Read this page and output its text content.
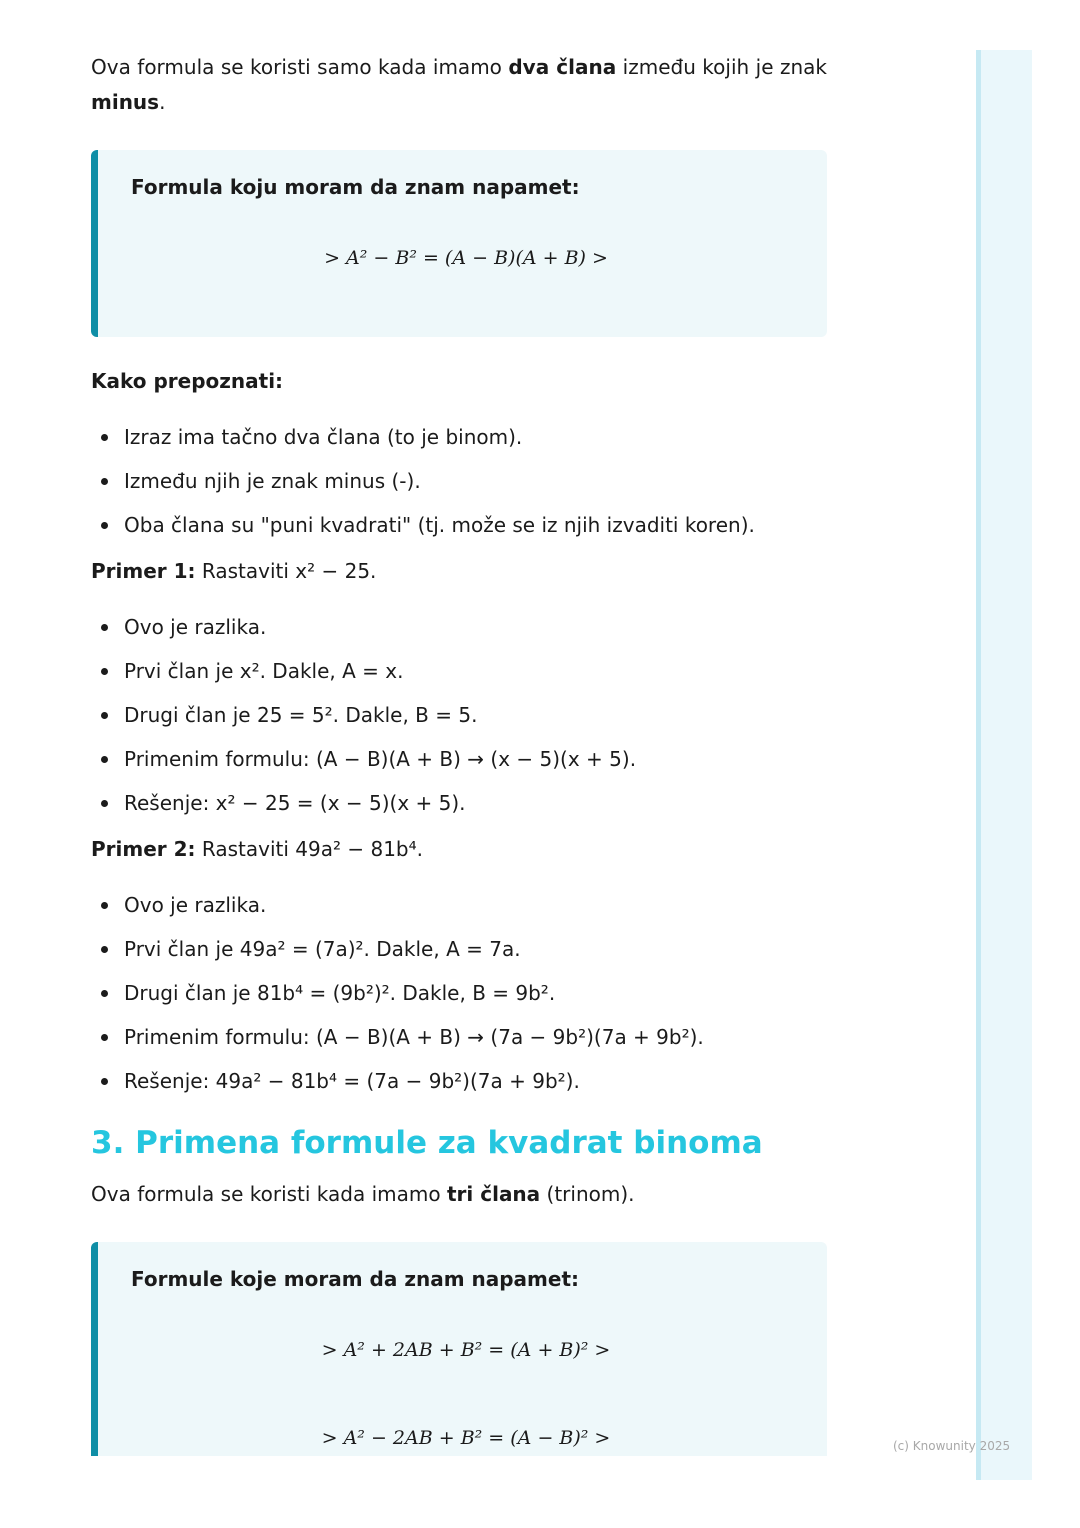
Ova formula se koristi samo kada imamo dva člana između kojih je znak minus.

Formula koju moram da znam napamet:

> A² − B² = (A − B)(A + B) >

Kako prepoznati:

Izraz ima tačno dva člana (to je binom).
Između njih je znak minus (-).
Oba člana su "puni kvadrati" (tj. može se iz njih izvaditi koren).

Primer 1: Rastaviti x² − 25.

Ovo je razlika.
Prvi član je x². Dakle, A = x.
Drugi član je 25 = 5². Dakle, B = 5.
Primenim formulu: (A − B)(A + B) → (x − 5)(x + 5).
Rešenje: x² − 25 = (x − 5)(x + 5).

Primer 2: Rastaviti 49a² − 81b⁴.

Ovo je razlika.
Prvi član je 49a² = (7a)². Dakle, A = 7a.
Drugi član je 81b⁴ = (9b²)². Dakle, B = 9b².
Primenim formulu: (A − B)(A + B) → (7a − 9b²)(7a + 9b²).
Rešenje: 49a² − 81b⁴ = (7a − 9b²)(7a + 9b²).
3. Primena formule za kvadrat binoma

Ova formula se koristi kada imamo tri člana (trinom).

Formule koje moram da znam napamet:

> A² + 2AB + B² = (A + B)² >
> A² − 2AB + B² = (A − B)² >	(c) Knowunity 2025
